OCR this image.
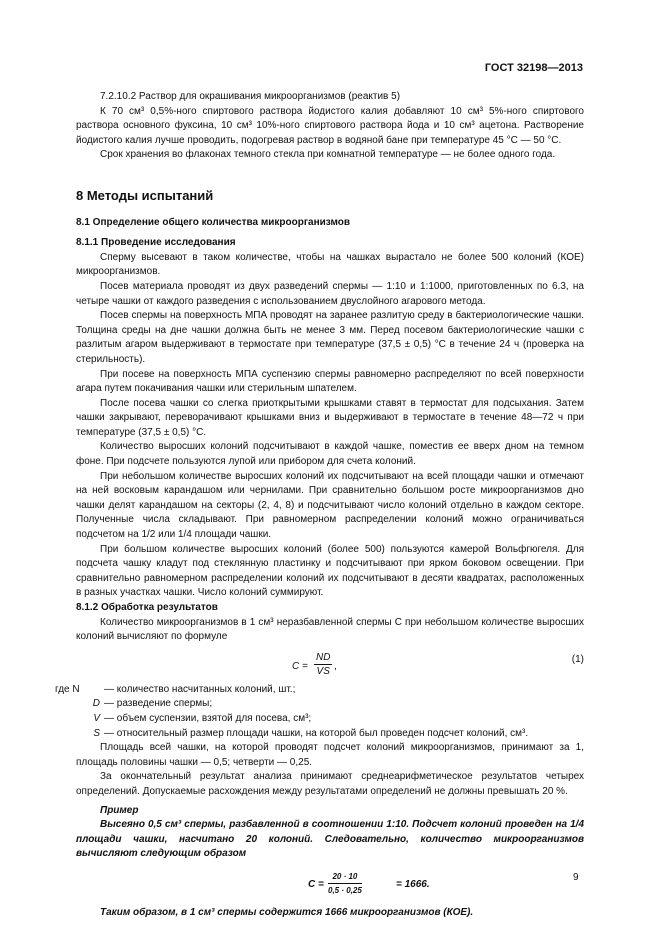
ГОСТ 32198—2013

7.2.10.2 Раствор для окрашивания микроорганизмов (реактив 5)

К 70 см³ 0,5%-ного спиртового раствора йодистого калия добавляют 10 см³ 5%-ного спиртового раствора основного фуксина, 10 см³ 10%-ного спиртового раствора йода и 10 см³ ацетона. Растворение йодистого калия лучше проводить, подогревая раствор в водяной бане при температуре 45 °C — 50 °C.

Срок хранения во флаконах темного стекла при комнатной температуре — не более одного года.

8 Методы испытаний

8.1 Определение общего количества микроорганизмов

8.1.1 Проведение исследования

Сперму высевают в таком количестве, чтобы на чашках вырастало не более 500 колоний (КОЕ) микроорганизмов.

Посев материала проводят из двух разведений спермы — 1:10 и 1:1000, приготовленных по 6.3, на четыре чашки от каждого разведения с использованием двуслойного агарового метода.

Посев спермы на поверхность МПА проводят на заранее разлитую среду в бактериологические чашки. Толщина среды на дне чашки должна быть не менее 3 мм. Перед посевом бактериологические чашки с разлитым агаром выдерживают в термостате при температуре (37,5 ± 0,5) °C в течение 24 ч (проверка на стерильность).

При посеве на поверхность МПА суспензию спермы равномерно распределяют по всей поверхности агара путем покачивания чашки или стерильным шпателем.

После посева чашки со слегка приоткрытыми крышками ставят в термостат для подсыхания. Затем чашки закрывают, переворачивают крышками вниз и выдерживают в термостате в течение 48—72 ч при температуре (37,5 ± 0,5) °C.

Количество выросших колоний подсчитывают в каждой чашке, поместив ее вверх дном на темном фоне. При подсчете пользуются лупой или прибором для счета колоний.

При небольшом количестве выросших колоний их подсчитывают на всей площади чашки и отмечают на ней восковым карандашом или чернилами. При сравнительно большом росте микроорганизмов дно чашки делят карандашом на секторы (2, 4, 8) и подсчитывают число колоний отдельно в каждом секторе. Полученные числа складывают. При равномерном распределении колоний можно ограничиваться подсчетом на 1/2 или 1/4 площади чашки.

При большом количестве выросших колоний (более 500) пользуются камерой Вольфгюгеля. Для подсчета чашку кладут под стеклянную пластинку и подсчитывают при ярком боковом освещении. При сравнительно равномерном распределении колоний их подсчитывают в десяти квадратах, расположенных в разных участках чашки. Число колоний суммируют.

8.1.2 Обработка результатов

Количество микроорганизмов в 1 см³ неразбавленной спермы C при небольшом количестве выросших колоний вычисляют по формуле

$C = \frac{ND}{VS}$ ,
(1)
где N	— количество насчитанных колоний, шт.;
D — разведение спермы;
V — объем суспензии, взятой для посева, см³;
S — относительный размер площади чашки, на которой был проведен подсчет колоний, см³.

Площадь всей чашки, на которой проводят подсчет колоний микроорганизмов, принимают за 1, площадь половины чашки — 0,5; четверти — 0,25.

За окончательный результат анализа принимают среднеарифметическое результатов четырех определений. Допускаемые расхождения между результатами определений не должны превышать 20 %.

Пример

Высеяно 0,5 см³ спермы, разбавленной в соотношении 1:10. Подсчет колоний проведен на 1/4 площади чашки, насчитано 20 колоний. Следовательно, количество микроорганизмов вычисляют следующим образом

$C = \frac{20 \cdot 10}{0,5 \cdot 0,25}$	= 1666.

Таким образом, в 1 см³ спермы содержится 1666 микроорганизмов (КОЕ).

9
